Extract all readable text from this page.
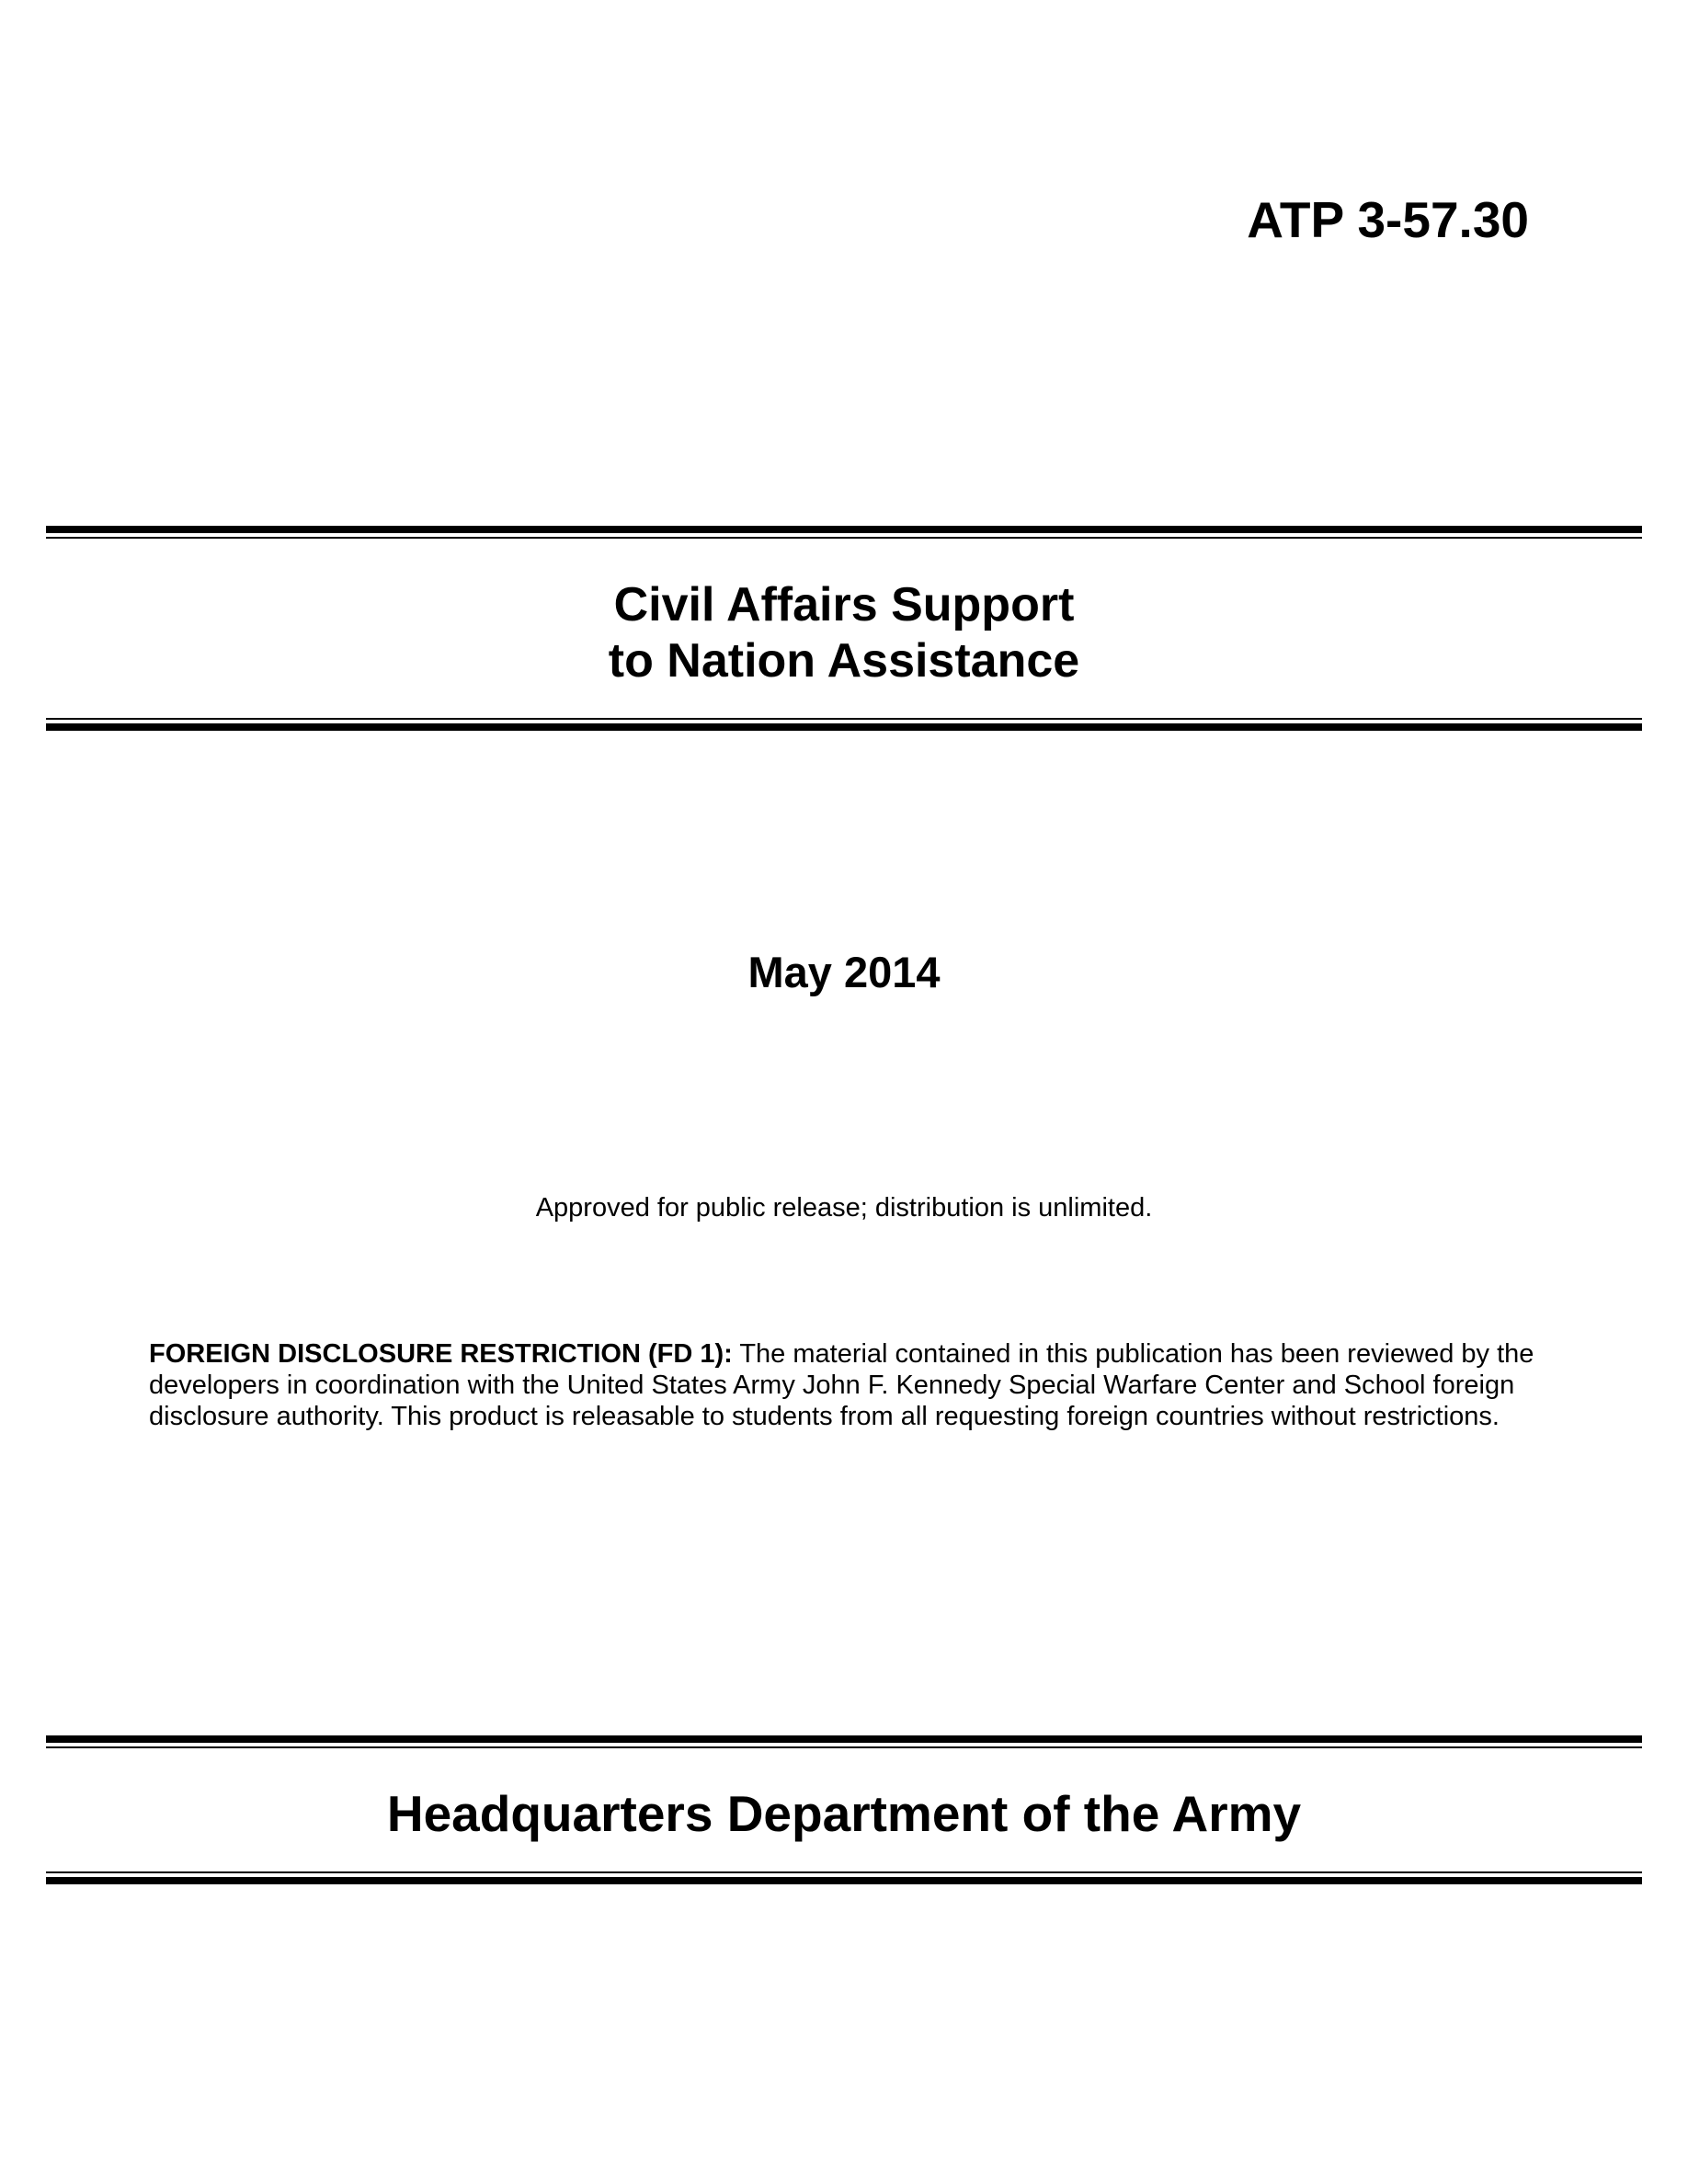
ATP 3-57.30
Civil Affairs Support
to Nation Assistance

May 2014

Approved for public release; distribution is unlimited.

FOREIGN DISCLOSURE RESTRICTION (FD 1): The material contained in this publication has been reviewed by the developers in coordination with the United States Army John F. Kennedy Special Warfare Center and School foreign disclosure authority. This product is releasable to students from all requesting foreign countries without restrictions.

Headquarters Department of the Army
